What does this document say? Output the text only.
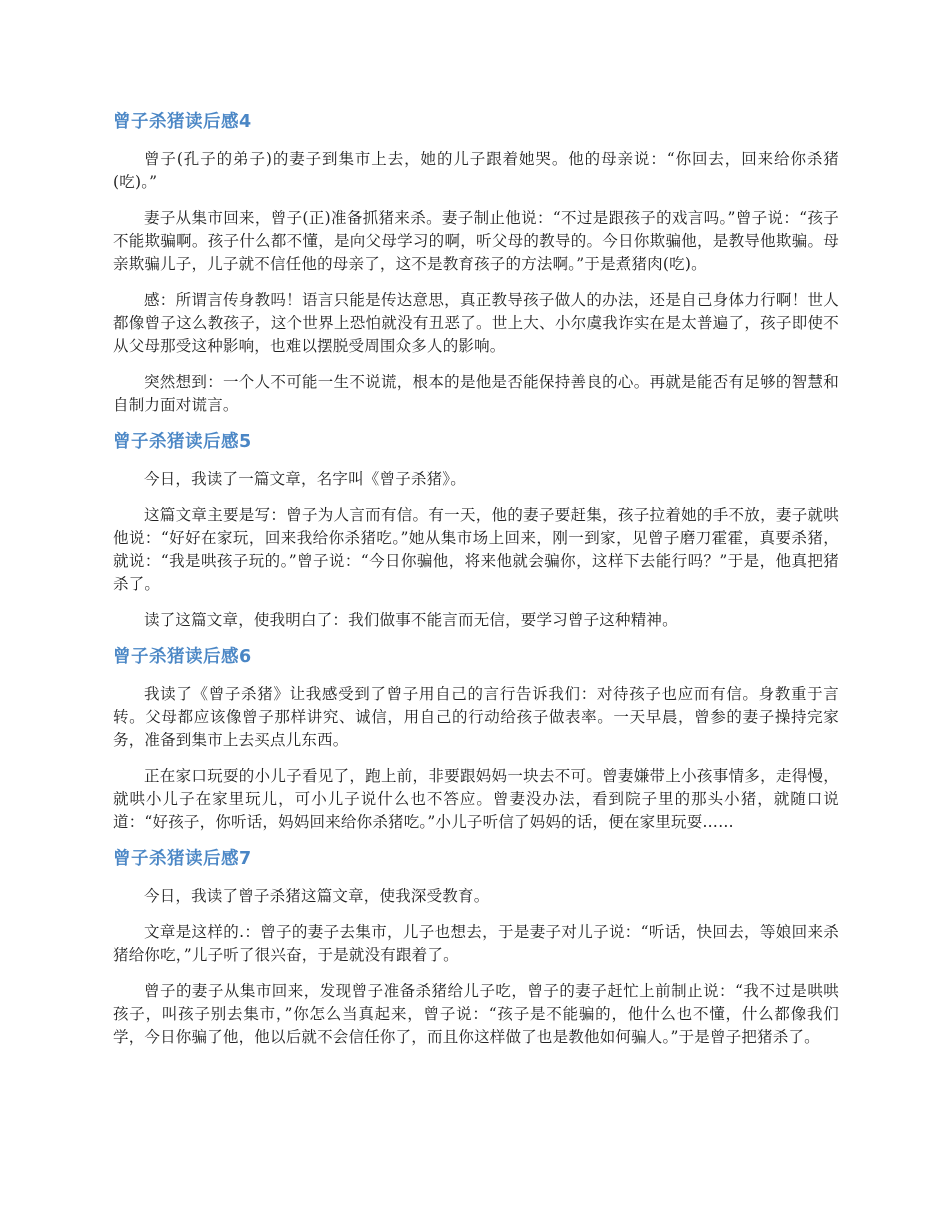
曾子杀猪读后感4

曾子(孔子的弟子)的妻子到集市上去，她的儿子跟着她哭。他的母亲说：“你回去，回来给你杀猪(吃)。”

妻子从集市回来，曾子(正)准备抓猪来杀。妻子制止他说：“不过是跟孩子的戏言吗。”曾子说：“孩子不能欺骗啊。孩子什么都不懂，是向父母学习的啊，听父母的教导的。今日你欺骗他，是教导他欺骗。母亲欺骗儿子，儿子就不信任他的母亲了，这不是教育孩子的方法啊。”于是煮猪肉(吃)。

感：所谓言传身教吗！语言只能是传达意思，真正教导孩子做人的办法，还是自己身体力行啊！世人都像曾子这么教孩子，这个世界上恐怕就没有丑恶了。世上大、小尔虞我诈实在是太普遍了，孩子即使不从父母那受这种影响，也难以摆脱受周围众多人的影响。

突然想到：一个人不可能一生不说谎，根本的是他是否能保持善良的心。再就是能否有足够的智慧和自制力面对谎言。

曾子杀猪读后感5

今日，我读了一篇文章，名字叫《曾子杀猪》。

这篇文章主要是写：曾子为人言而有信。有一天，他的妻子要赶集，孩子拉着她的手不放，妻子就哄他说：“好好在家玩，回来我给你杀猪吃。”她从集市场上回来，刚一到家，见曾子磨刀霍霍，真要杀猪，就说：“我是哄孩子玩的。”曾子说：“今日你骗他，将来他就会骗你，这样下去能行吗？”于是，他真把猪杀了。

读了这篇文章，使我明白了：我们做事不能言而无信，要学习曾子这种精神。

曾子杀猪读后感6

我读了《曾子杀猪》让我感受到了曾子用自己的言行告诉我们：对待孩子也应而有信。身教重于言转。父母都应该像曾子那样讲究、诚信，用自己的行动给孩子做表率。一天早晨，曾参的妻子操持完家务，准备到集市上去买点儿东西。

正在家口玩耍的小儿子看见了，跑上前，非要跟妈妈一块去不可。曾妻嫌带上小孩事情多，走得慢，就哄小儿子在家里玩儿，可小儿子说什么也不答应。曾妻没办法，看到院子里的那头小猪，就随口说道：“好孩子，你听话，妈妈回来给你杀猪吃。”小儿子听信了妈妈的话，便在家里玩耍……

曾子杀猪读后感7

今日，我读了曾子杀猪这篇文章，使我深受教育。

文章是这样的.：曾子的妻子去集市，儿子也想去，于是妻子对儿子说：“听话，快回去，等娘回来杀猪给你吃，”儿子听了很兴奋，于是就没有跟着了。

曾子的妻子从集市回来，发现曾子准备杀猪给儿子吃，曾子的妻子赶忙上前制止说：“我不过是哄哄孩子，叫孩子别去集市，”你怎么当真起来，曾子说：“孩子是不能骗的，他什么也不懂，什么都像我们学，今日你骗了他，他以后就不会信任你了，而且你这样做了也是教他如何骗人。”于是曾子把猪杀了。
